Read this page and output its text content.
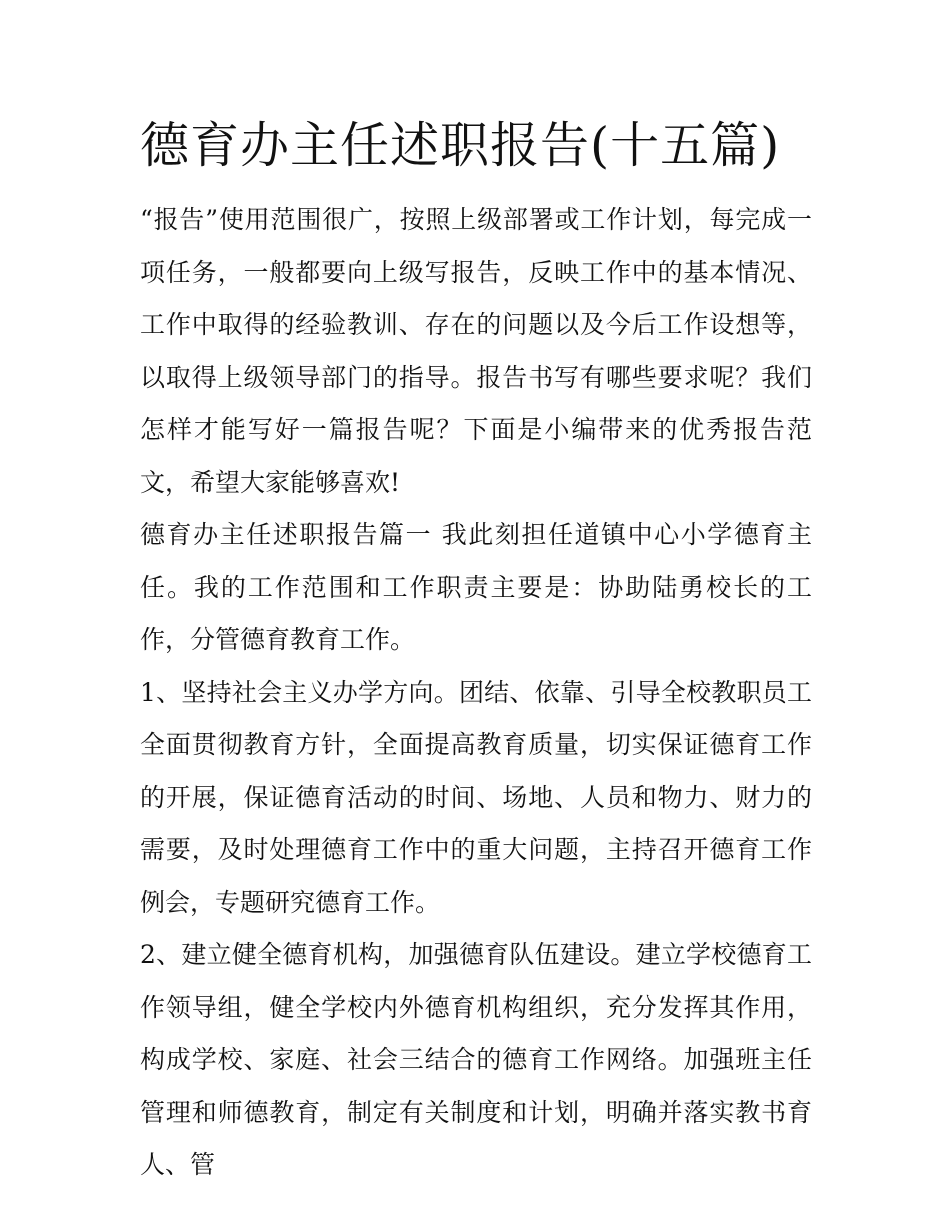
德育办主任述职报告(十五篇)

“报告”使用范围很广，按照上级部署或工作计划，每完成一项任务，一般都要向上级写报告，反映工作中的基本情况、工作中取得的经验教训、存在的问题以及今后工作设想等，以取得上级领导部门的指导。报告书写有哪些要求呢？我们怎样才能写好一篇报告呢？下面是小编带来的优秀报告范文，希望大家能够喜欢!

德育办主任述职报告篇一 我此刻担任道镇中心小学德育主任。我的工作范围和工作职责主要是：协助陆勇校长的工作，分管德育教育工作。

1、坚持社会主义办学方向。团结、依靠、引导全校教职员工全面贯彻教育方针，全面提高教育质量，切实保证德育工作的开展，保证德育活动的时间、场地、人员和物力、财力的需要，及时处理德育工作中的重大问题，主持召开德育工作例会，专题研究德育工作。

2、建立健全德育机构，加强德育队伍建设。建立学校德育工作领导组，健全学校内外德育机构组织，充分发挥其作用，构成学校、家庭、社会三结合的德育工作网络。加强班主任管理和师德教育，制定有关制度和计划，明确并落实教书育人、管
